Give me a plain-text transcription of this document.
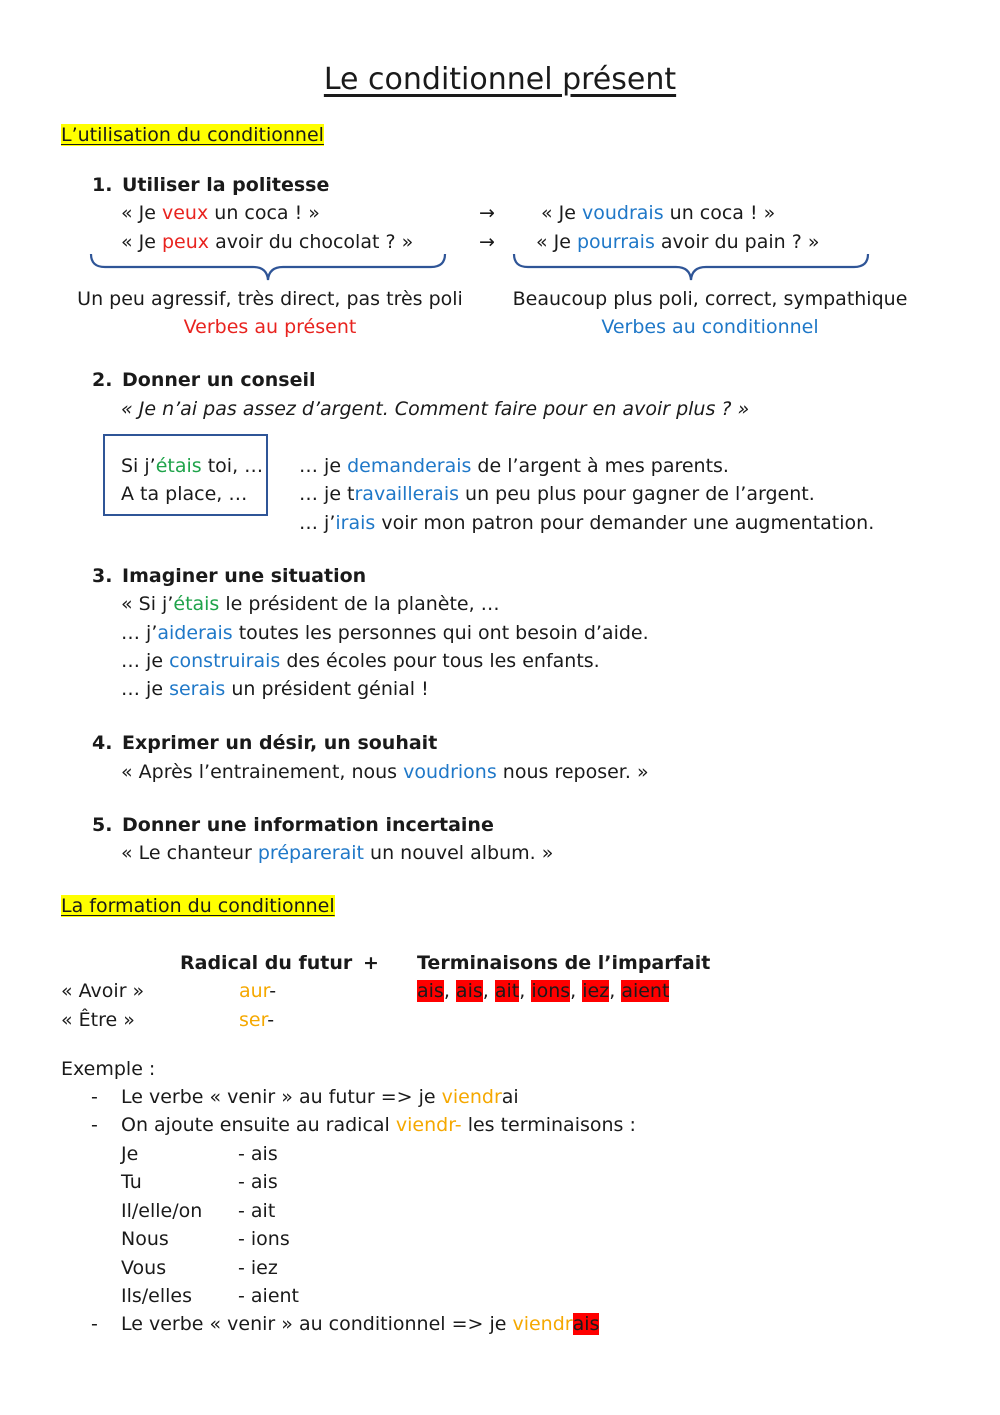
Le conditionnel présent
L’utilisation du conditionnel
1. Utiliser la politesse
« Je veux un coca ! »	→ « Je voudrais un coca ! »
« Je peux avoir du chocolat ? »	→ « Je pourrais avoir du pain ? »
Un peu agressif, très direct, pas très poli
Verbes au présent
Beaucoup plus poli, correct, sympathique
Verbes au conditionnel
2. Donner un conseil
« Je n’ai pas assez d’argent. Comment faire pour en avoir plus ? »
Si j’étais toi, …
A ta place, …
… je demanderais de l’argent à mes parents.
… je travaillerais un peu plus pour gagner de l’argent.
… j’irais voir mon patron pour demander une augmentation.
3. Imaginer une situation
« Si j’étais le président de la planète, …
… j’aiderais toutes les personnes qui ont besoin d’aide.
… je construirais des écoles pour tous les enfants.
… je serais un président génial !
4. Exprimer un désir, un souhait
« Après l’entrainement, nous voudrions nous reposer. »
5. Donner une information incertaine
« Le chanteur préparerait un nouvel album. »
La formation du conditionnel
Radical du futur + Terminaisons de l’imparfait
« Avoir »	aur-	ais, ais, ait, ions, iez, aient
« Être »	ser-
Exemple :
- Le verbe « venir » au futur => je viendrai
- On ajoute ensuite au radical viendr- les terminaisons :
Je	- ais
Tu	- ais
Il/elle/on - ait
Nous	- ions
Vous	- iez
Ils/elles - aient
- Le verbe « venir » au conditionnel => je viendrais
